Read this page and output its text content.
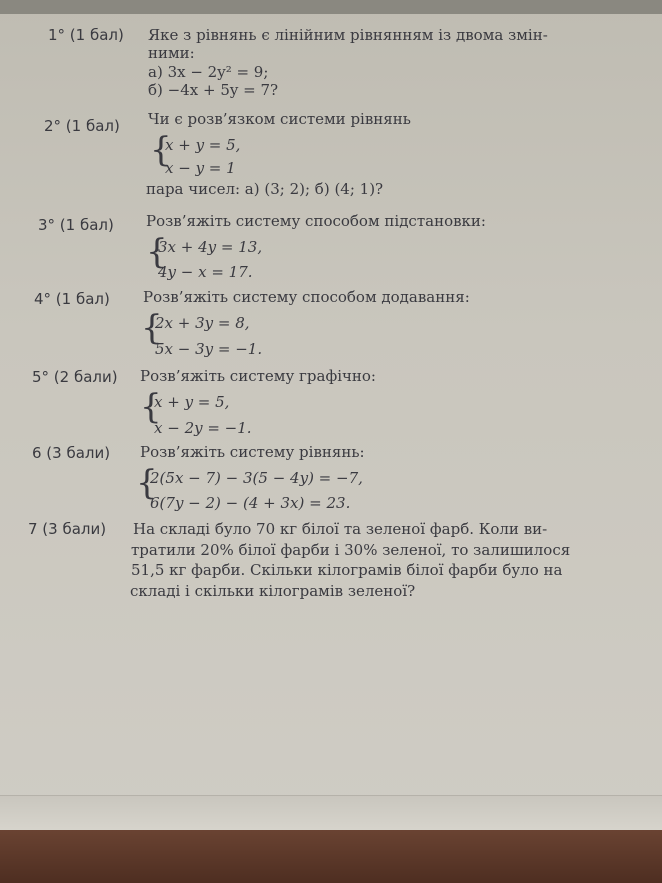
1° (1 бал) Яке з рівнянь є лінійним рівнянням із двома змін-
ними:
а) 3x − 2y² = 9;
б) −4x + 5y = 7?
2° (1 бал) Чи є розв’язком системи рівнянь
{
x + y = 5,
x − y = 1
пара чисел: а) (3; 2); б) (4; 1)?
3° (1 бал) Розв’яжіть систему способом підстановки:
{
3x + 4y = 13,
4y − x = 17.
4° (1 бал) Розв’яжіть систему способом додавання:
{
2x + 3y = 8,
5x − 3y = −1.
5° (2 бали) Розв’яжіть систему графічно:
{
x + y = 5,
x − 2y = −1.
6 (3 бали) Розв’яжіть систему рівнянь:
{
2(5x − 7) − 3(5 − 4y) = −7,
6(7y − 2) − (4 + 3x) = 23.
7 (3 бали) На складі було 70 кг білої та зеленої фарб. Коли ви-
тратили 20% білої фарби і 30% зеленої, то залишилося
51,5 кг фарби. Скільки кілограмів білої фарби було на
складі і скільки кілограмів зеленої?
